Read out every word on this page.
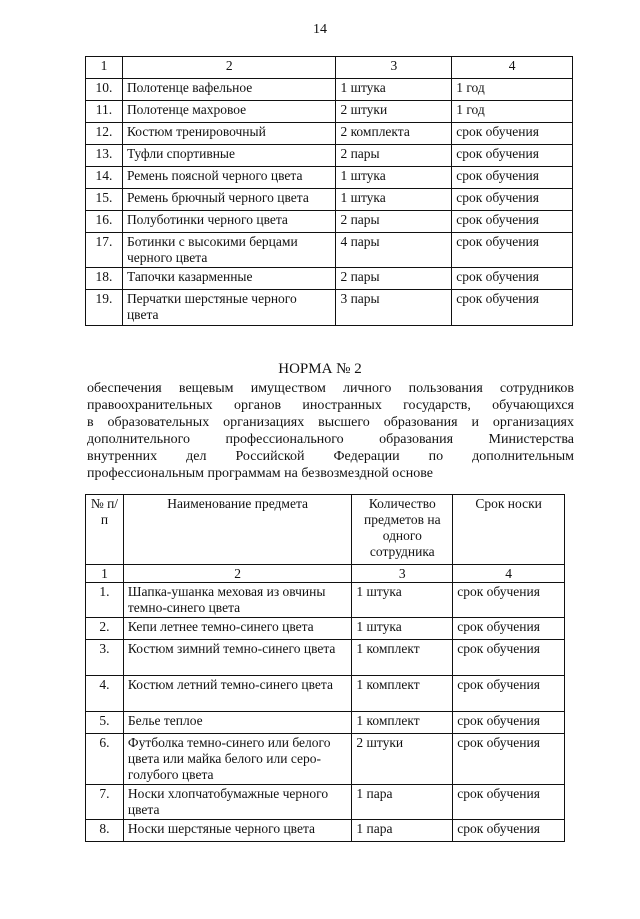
14
1	2	3	4
10.	Полотенце вафельное	1 штука	1 год
11.	Полотенце махровое	2 штуки	1 год
12.	Костюм тренировочный	2 комплекта	срок обучения
13.	Туфли спортивные	2 пары	срок обучения
14.	Ремень поясной черного цвета	1 штука	срок обучения
15.	Ремень брючный черного цвета	1 штука	срок обучения
16.	Полуботинки черного цвета	2 пары	срок обучения
17.	Ботинки с высокими берцами черного цвета	4 пары	срок обучения
18.	Тапочки казарменные	2 пары	срок обучения
19.	Перчатки шерстяные черного цвета	3 пары	срок обучения
НОРМА № 2
обеспечения вещевым имуществом личного пользования сотрудников
правоохранительных органов иностранных государств, обучающихся
в образовательных организациях высшего образования и организациях
дополнительного профессионального образования Министерства
внутренних дел Российской Федерации по дополнительным
профессиональным программам на безвозмездной основе
№ п/п	Наименование предмета	Количество предметов на одного сотрудника	Срок носки
1	2	3	4
1.	Шапка-ушанка меховая из овчины темно-синего цвета	1 штука	срок обучения
2.	Кепи летнее темно-синего цвета	1 штука	срок обучения
3.	Костюм зимний темно-синего цвета	1 комплект	срок обучения
4.	Костюм летний темно-синего цвета	1 комплект	срок обучения
5.	Белье теплое	1 комплект	срок обучения
6.	Футболка темно-синего или белого цвета или майка белого или серо-голубого цвета	2 штуки	срок обучения
7.	Носки хлопчатобумажные черного цвета	1 пара	срок обучения
8.	Носки шерстяные черного цвета	1 пара	срок обучения
